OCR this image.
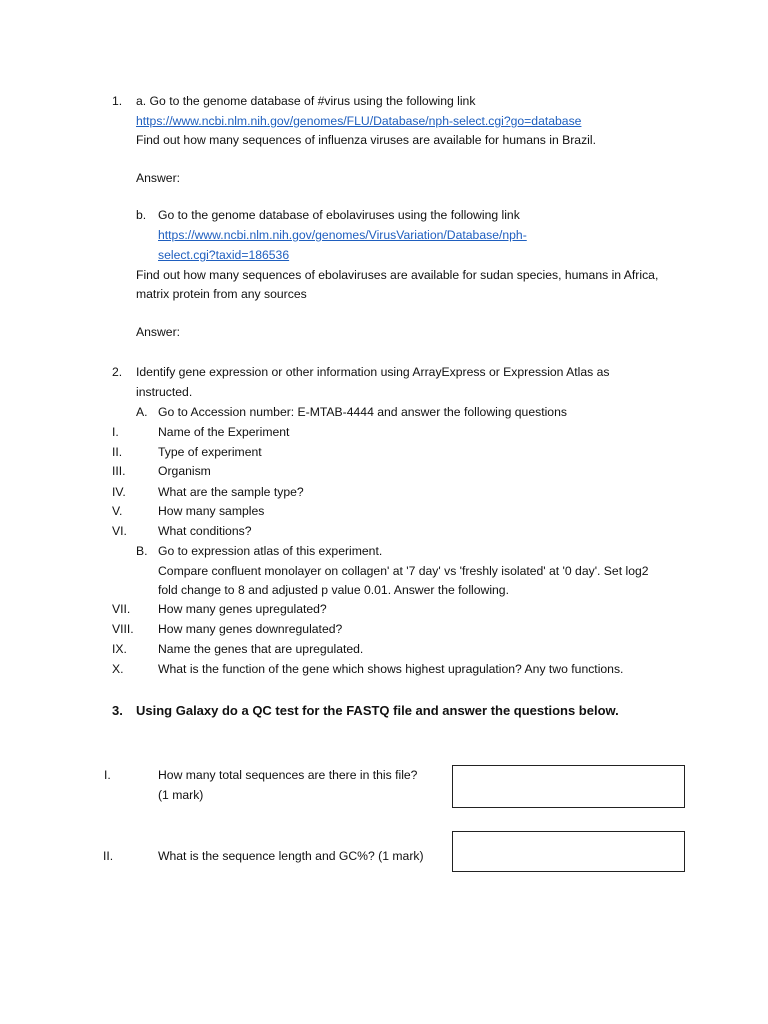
1. a. Go to the genome database of #virus using the following link
https://www.ncbi.nlm.nih.gov/genomes/FLU/Database/nph-select.cgi?go=database
Find out how many sequences of influenza viruses are available for humans in Brazil.
Answer:
b. Go to the genome database of ebolaviruses using the following link
https://www.ncbi.nlm.nih.gov/genomes/VirusVariation/Database/nph-
select.cgi?taxid=186536
Find out how many sequences of ebolaviruses are available for sudan species, humans in Africa,
matrix protein from any sources
Answer:
2. Identify gene expression or other information using ArrayExpress or Expression Atlas as
instructed.
A. Go to Accession number: E-MTAB-4444 and answer the following questions
I.	Name of the Experiment
II.	Type of experiment
III.	Organism
IV.	What are the sample type?
V.	How many samples
VI.	What conditions?
B. Go to expression atlas of this experiment.
Compare confluent monolayer on collagen' at '7 day' vs 'freshly isolated' at '0 day'. Set log2
fold change to 8 and adjusted p value 0.01. Answer the following.
VII. How many genes upregulated?
VIII. How many genes downregulated?
IX.	Name the genes that are upregulated.
X.	What is the function of the gene which shows highest upragulation? Any two functions.
3. Using Galaxy do a QC test for the FASTQ file and answer the questions below.
I.	How many total sequences are there in this file?
(1 mark)
II.	What is the sequence length and GC%? (1 mark)
